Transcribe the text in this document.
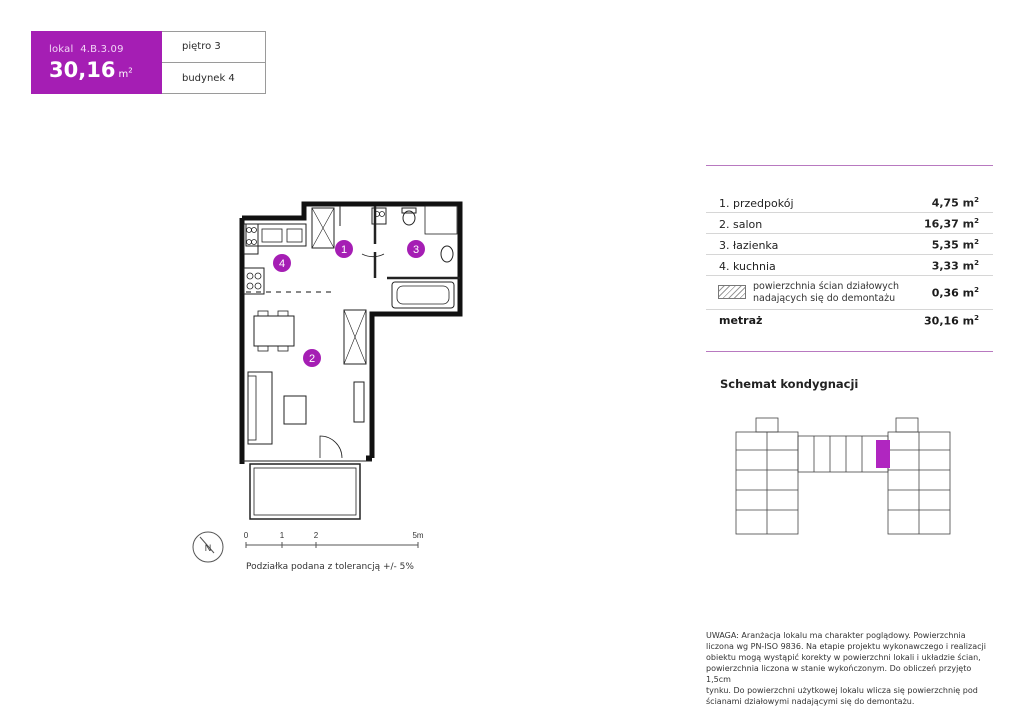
lokal 4.B.3.09
30,16 $m^2$
piętro 3
budynek 4
1. przedpokój	4,75 $m^2$
2. salon	16,37 $m^2$
3. łazienka	5,35 $m^2$
4. kuchnia	3,33 $m^2$
powierzchnia ścian działowych
nadających się do demontażu	0,36 $m^2$
metraż	30,16 $m^2$
Schemat kondygnacji
1	3
4
2
N
0	1	2	5m
Podziałka podana z tolerancją +/- 5%
UWAGA: Aranżacja lokalu ma charakter poglądowy. Powierzchnia
liczona wg PN-ISO 9836. Na etapie projektu wykonawczego i realizacji
obiektu mogą wystąpić korekty w powierzchni lokali i układzie ścian,
powierzchnia liczona w stanie wykończonym. Do obliczeń przyjęto 1,5cm
tynku. Do powierzchni użytkowej lokalu wlicza się powierzchnię pod
ścianami działowymi nadającymi się do demontażu.
